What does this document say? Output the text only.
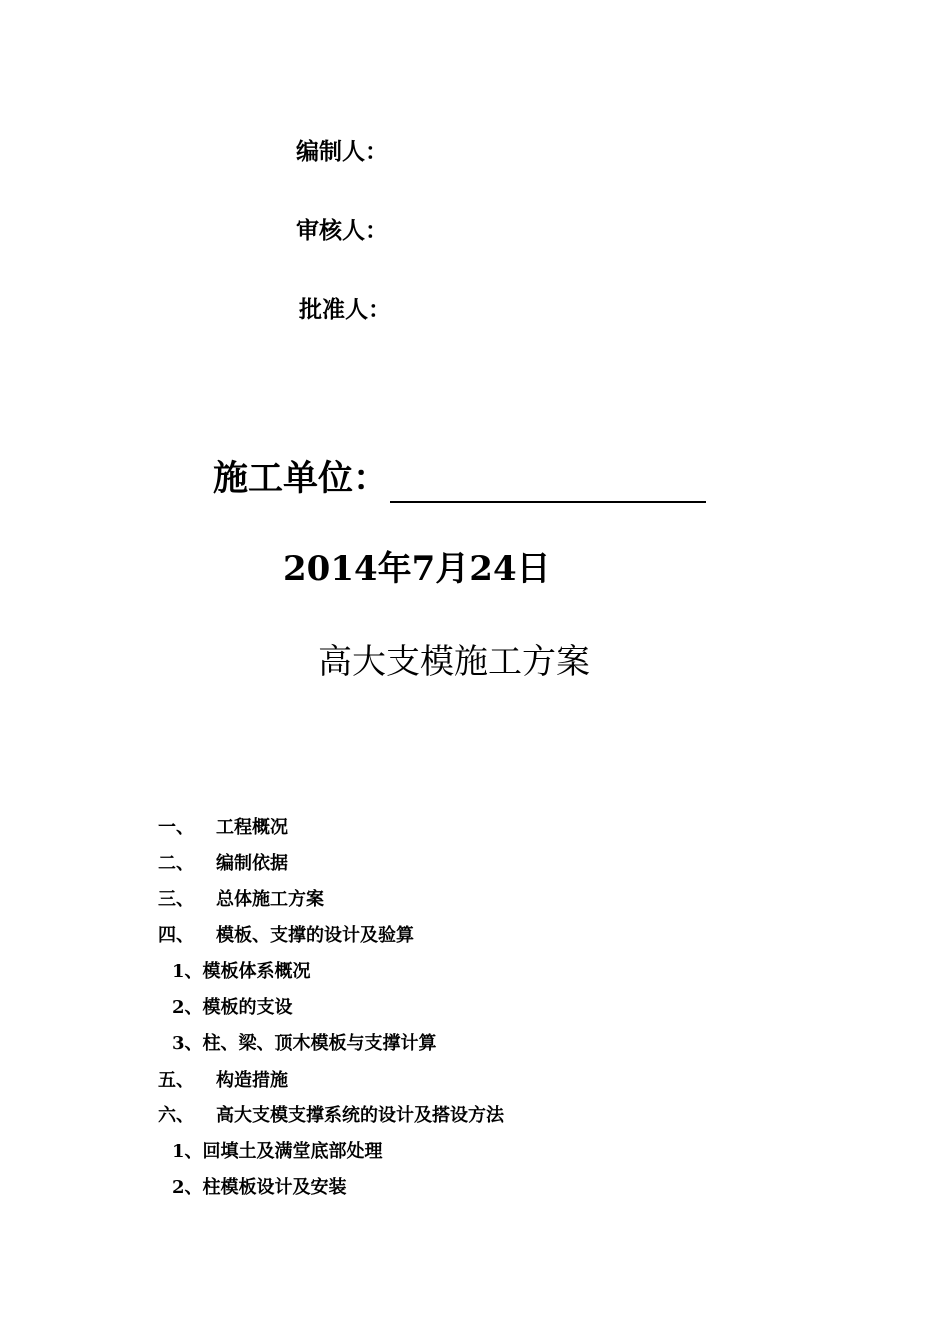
编制人：
审核人：
批准人：
施工单位：
2014年7月24日
高大支模施工方案
一、 工程概况
二、 编制依据
三、 总体施工方案
四、 模板、支撑的设计及验算
1、模板体系概况
2、模板的支设
3、柱、梁、顶木模板与支撑计算
五、 构造措施
六、 高大支模支撑系统的设计及搭设方法
1、回填土及满堂底部处理
2、柱模板设计及安装
